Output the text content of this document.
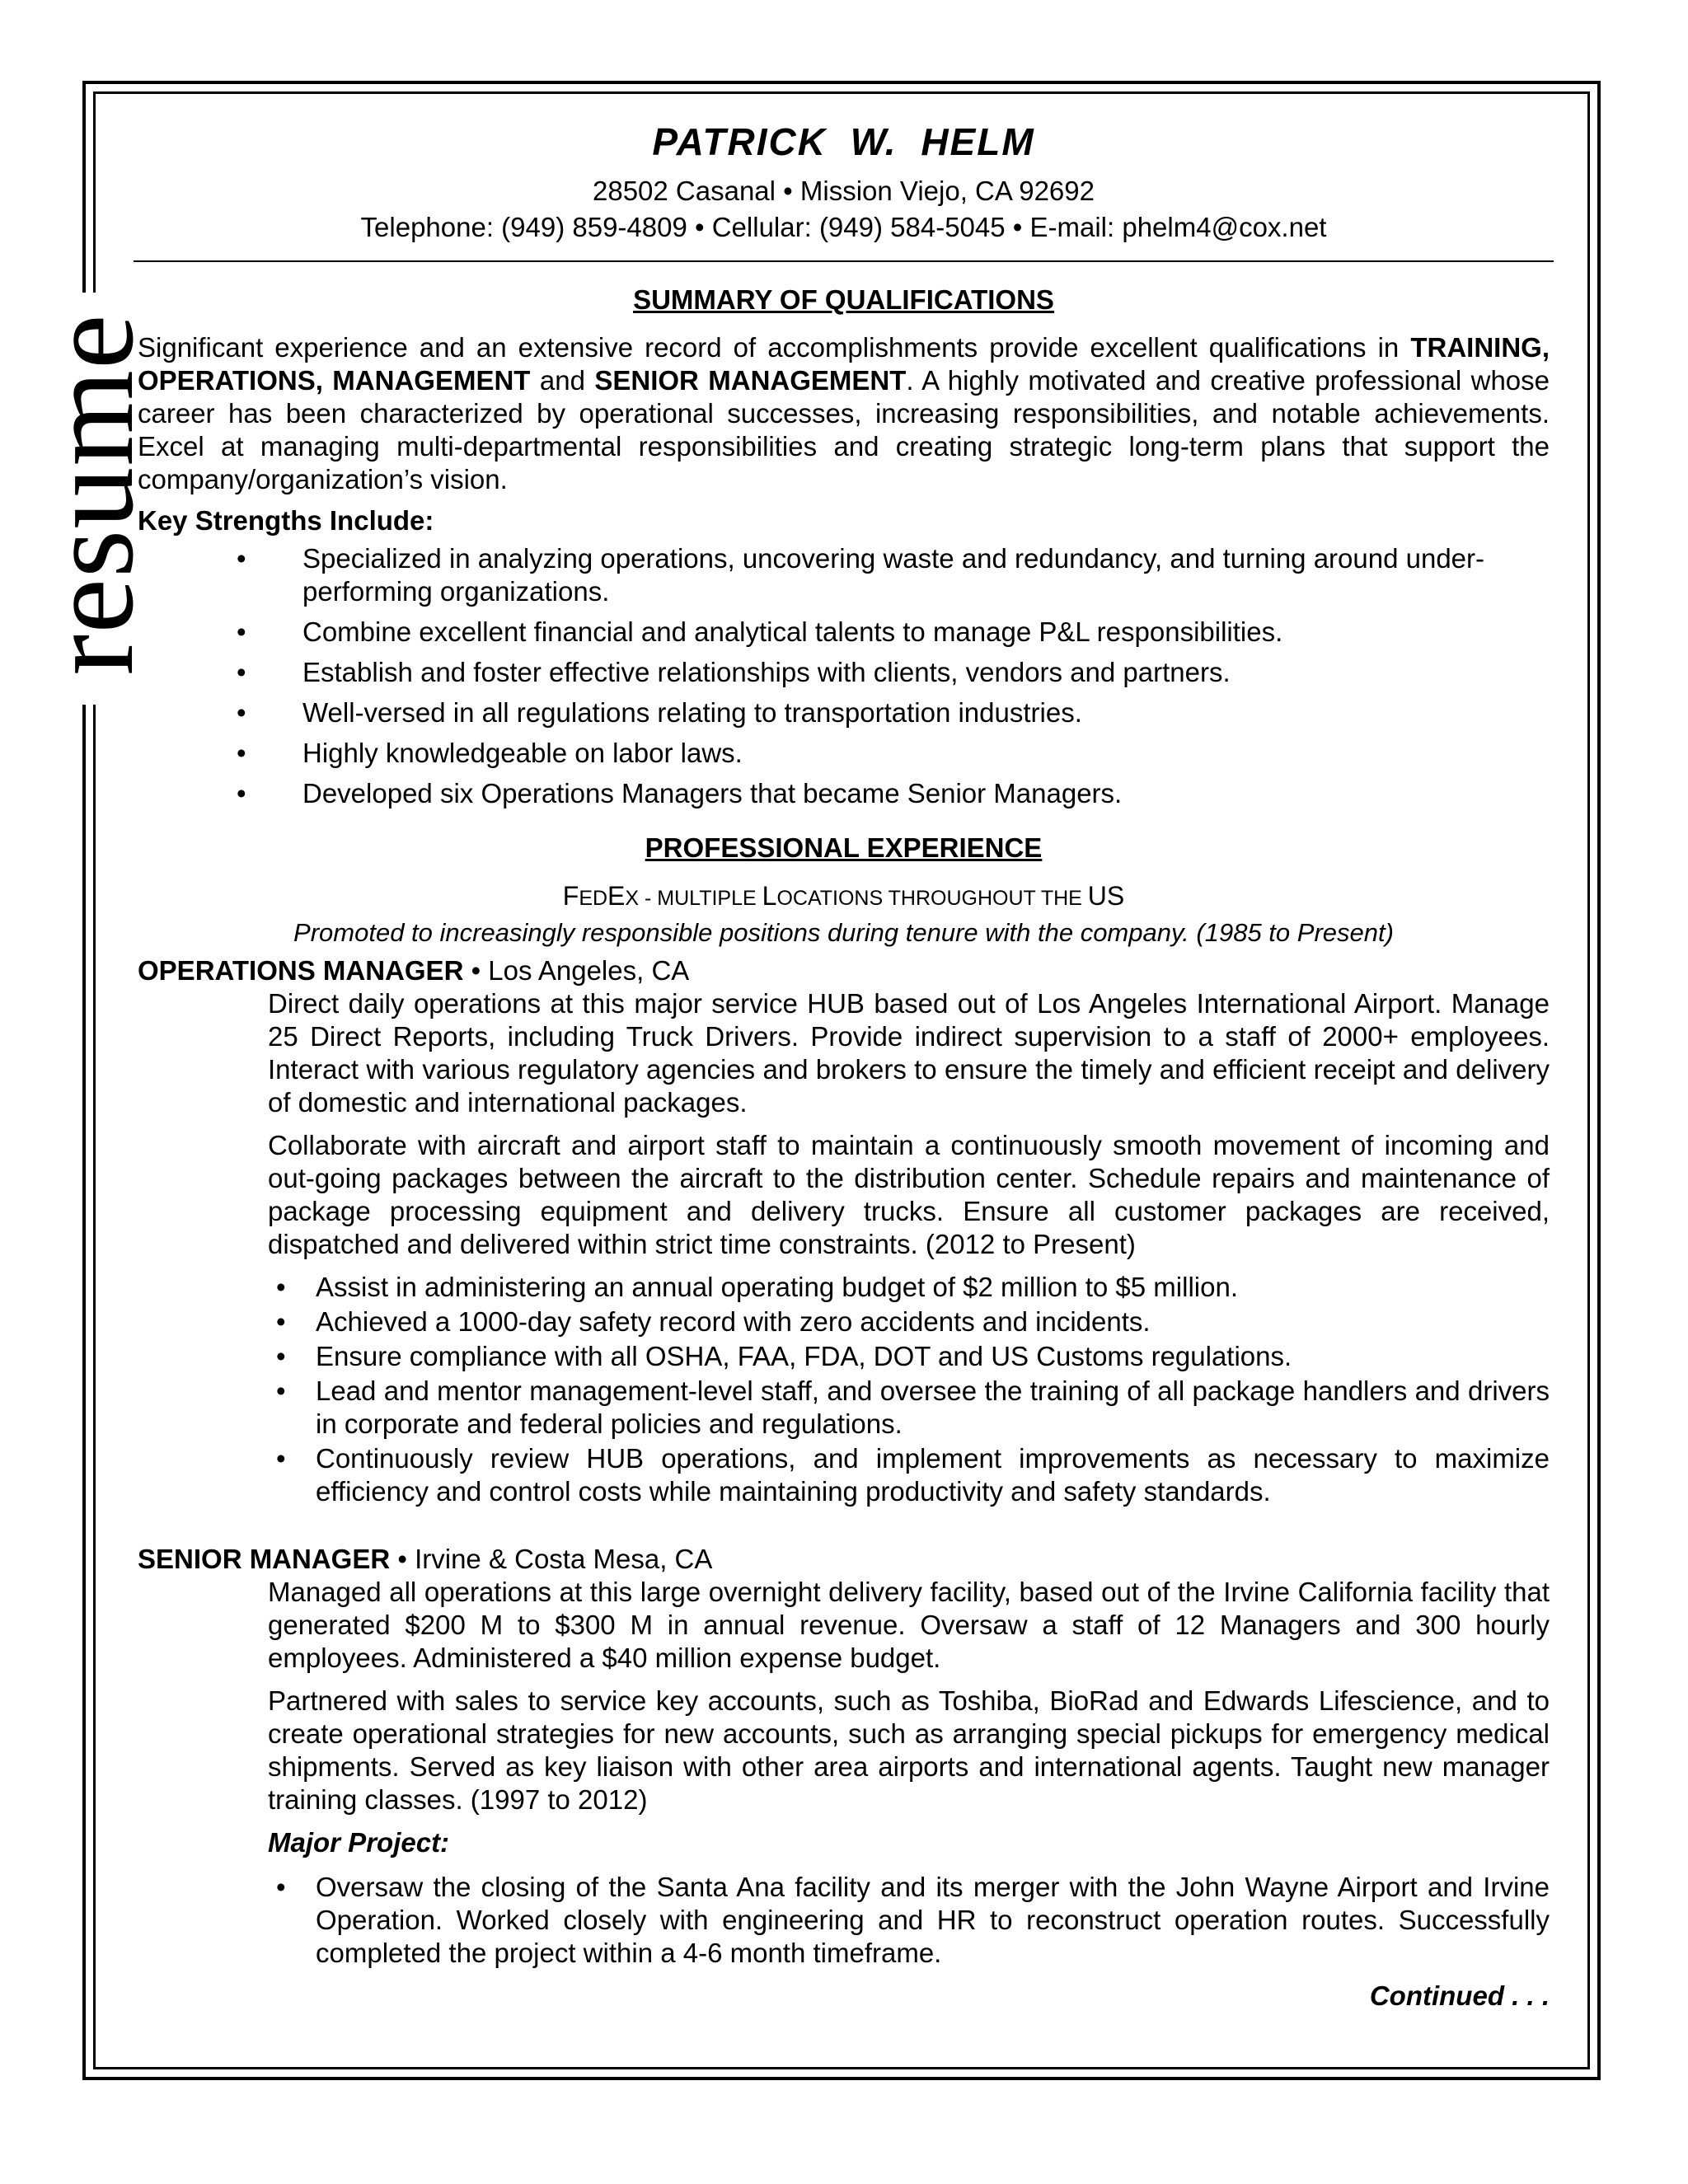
resume
PATRICK W. HELM
28502 Casanal • Mission Viejo, CA 92692
Telephone: (949) 859-4809 • Cellular: (949) 584-5045 • E-mail: phelm4@cox.net
SUMMARY OF QUALIFICATIONS

Significant experience and an extensive record of accomplishments provide excellent qualifications in TRAINING, OPERATIONS, MANAGEMENT and SENIOR MANAGEMENT. A highly motivated and creative professional whose career has been characterized by operational successes, increasing responsibilities, and notable achievements. Excel at managing multi-departmental responsibilities and creating strategic long-term plans that support the company/organization’s vision.

Key Strengths Include:
• Specialized in analyzing operations, uncovering waste and redundancy, and turning around under-performing organizations.
• Combine excellent financial and analytical talents to manage P&L responsibilities.
• Establish and foster effective relationships with clients, vendors and partners.
• Well-versed in all regulations relating to transportation industries.
• Highly knowledgeable on labor laws.
• Developed six Operations Managers that became Senior Managers.
PROFESSIONAL EXPERIENCE
FEDEX - MULTIPLE LOCATIONS THROUGHOUT THE US
Promoted to increasingly responsible positions during tenure with the company. (1985 to Present)
OPERATIONS MANAGER • Los Angeles, CA

Direct daily operations at this major service HUB based out of Los Angeles International Airport. Manage 25 Direct Reports, including Truck Drivers. Provide indirect supervision to a staff of 2000+ employees. Interact with various regulatory agencies and brokers to ensure the timely and efficient receipt and delivery of domestic and international packages.

Collaborate with aircraft and airport staff to maintain a continuously smooth movement of incoming and out-going packages between the aircraft to the distribution center. Schedule repairs and maintenance of package processing equipment and delivery trucks. Ensure all customer packages are received, dispatched and delivered within strict time constraints. (2012 to Present)

• Assist in administering an annual operating budget of $2 million to $5 million.
• Achieved a 1000-day safety record with zero accidents and incidents.
• Ensure compliance with all OSHA, FAA, FDA, DOT and US Customs regulations.
• Lead and mentor management-level staff, and oversee the training of all package handlers and drivers in corporate and federal policies and regulations.
• Continuously review HUB operations, and implement improvements as necessary to maximize efficiency and control costs while maintaining productivity and safety standards.
SENIOR MANAGER • Irvine & Costa Mesa, CA

Managed all operations at this large overnight delivery facility, based out of the Irvine California facility that generated $200 M to $300 M in annual revenue. Oversaw a staff of 12 Managers and 300 hourly employees. Administered a $40 million expense budget.

Partnered with sales to service key accounts, such as Toshiba, BioRad and Edwards Lifescience, and to create operational strategies for new accounts, such as arranging special pickups for emergency medical shipments. Served as key liaison with other area airports and international agents. Taught new manager training classes. (1997 to 2012)

Major Project:

• Oversaw the closing of the Santa Ana facility and its merger with the John Wayne Airport and Irvine Operation. Worked closely with engineering and HR to reconstruct operation routes. Successfully completed the project within a 4-6 month timeframe.
Continued . . .
